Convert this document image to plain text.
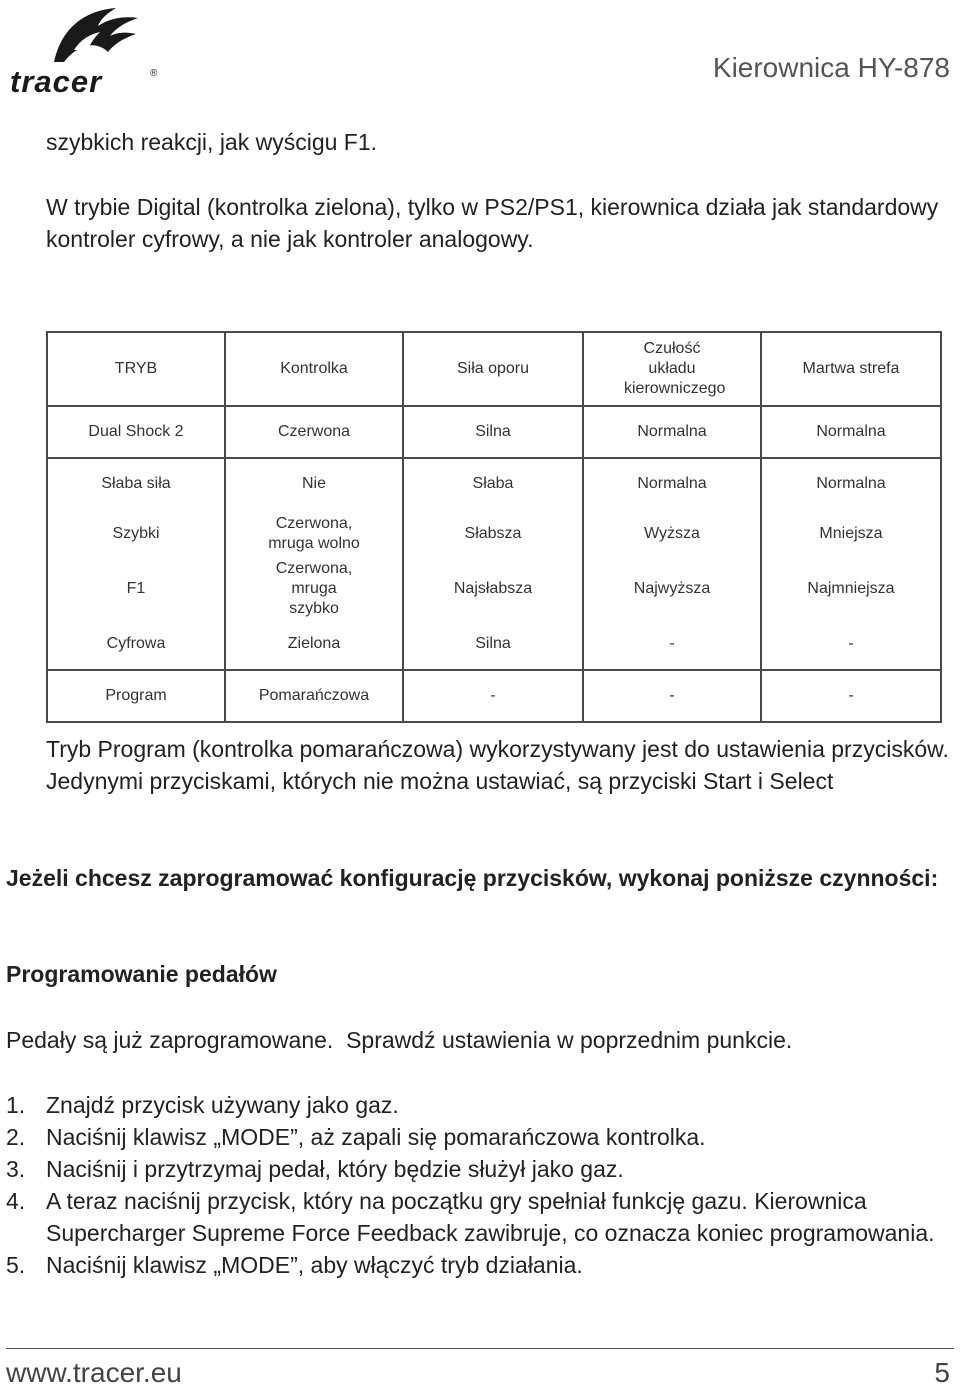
tracer	®	Kierownica HY-878
szybkich reakcji, jak wyścigu F1.
W trybie Digital (kontrolka zielona), tylko w PS2/PS1, kierownica działa jak standardowy kontroler cyfrowy, a nie jak kontroler analogowy.
TRYB	Kontrolka	Siła oporu	Czułość układu kierowniczego	Martwa strefa
Dual Shock 2	Czerwona	Silna	Normalna	Normalna
Słaba siła	Nie	Słaba	Normalna	Normalna
Szybki	Czerwona, mruga wolno	Słabsza	Wyższa	Mniejsza
F1	Czerwona, mruga szybko	Najsłabsza	Najwyższa	Najmniejsza
Cyfrowa	Zielona	Silna	-	-
Program	Pomarańczowa	-	-	-
Tryb Program (kontrolka pomarańczowa) wykorzystywany jest do ustawienia przycisków. Jedynymi przyciskami, których nie można ustawiać, są przyciski Start i Select
Jeżeli chcesz zaprogramować konfigurację przycisków, wykonaj poniższe czynności:
Programowanie pedałów
Pedały są już zaprogramowane.  Sprawdź ustawienia w poprzednim punkcie.
1. Znajdź przycisk używany jako gaz.
2. Naciśnij klawisz „MODE”, aż zapali się pomarańczowa kontrolka.
3. Naciśnij i przytrzymaj pedał, który będzie służył jako gaz.
4. A teraz naciśnij przycisk, który na początku gry spełniał funkcję gazu. Kierownica Supercharger Supreme Force Feedback zawibruje, co oznacza koniec programowania.
5. Naciśnij klawisz „MODE”, aby włączyć tryb działania.
www.tracer.eu	5
